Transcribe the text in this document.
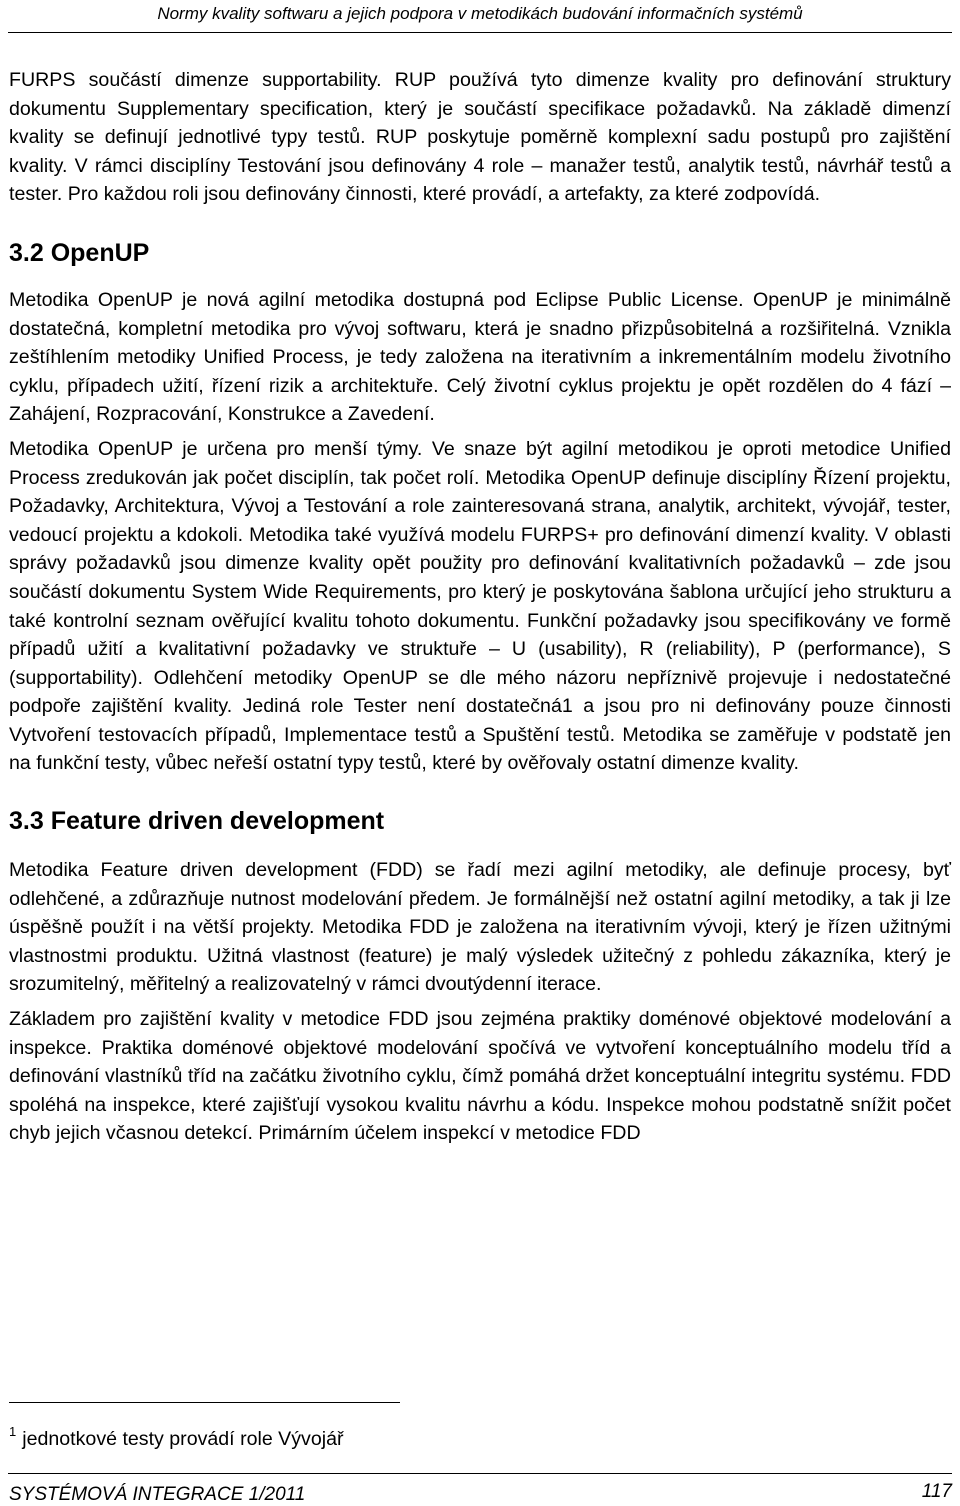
Normy kvality softwaru a jejich podpora v metodikách budování informačních systémů

FURPS součástí dimenze supportability. RUP používá tyto dimenze kvality pro definování struktury dokumentu Supplementary specification, který je součástí specifikace požadavků. Na základě dimenzí kvality se definují jednotlivé typy testů. RUP poskytuje poměrně komplexní sadu postupů pro zajištění kvality. V rámci disciplíny Testování jsou definovány 4 role – manažer testů, analytik testů, návrhář testů a tester. Pro každou roli jsou definovány činnosti, které provádí, a artefakty, za které zodpovídá.

3.2 OpenUP

Metodika OpenUP je nová agilní metodika dostupná pod Eclipse Public License. OpenUP je minimálně dostatečná, kompletní metodika pro vývoj softwaru, která je snadno přizpůsobitelná a rozšiřitelná. Vznikla zeštíhlením metodiky Unified Process, je tedy založena na iterativním a inkrementálním modelu životního cyklu, případech užití, řízení rizik a architektuře. Celý životní cyklus projektu je opět rozdělen do 4 fází – Zahájení, Rozpracování, Konstrukce a Zavedení.

Metodika OpenUP je určena pro menší týmy. Ve snaze být agilní metodikou je oproti metodice Unified Process zredukován jak počet disciplín, tak počet rolí. Metodika OpenUP definuje disciplíny Řízení projektu, Požadavky, Architektura, Vývoj a Testování a role zainteresovaná strana, analytik, architekt, vývojář, tester, vedoucí projektu a kdokoli. Metodika také využívá modelu FURPS+ pro definování dimenzí kvality. V oblasti správy požadavků jsou dimenze kvality opět použity pro definování kvalitativních požadavků – zde jsou součástí dokumentu System Wide Requirements, pro který je poskytována šablona určující jeho strukturu a také kontrolní seznam ověřující kvalitu tohoto dokumentu. Funkční požadavky jsou specifikovány ve formě případů užití a kvalitativní požadavky ve struktuře – U (usability), R (reliability), P (performance), S (supportability). Odlehčení metodiky OpenUP se dle mého názoru nepříznivě projevuje i nedostatečné podpoře zajištění kvality. Jediná role Tester není dostatečná1 a jsou pro ni definovány pouze činnosti Vytvoření testovacích případů, Implementace testů a Spuštění testů. Metodika se zaměřuje v podstatě jen na funkční testy, vůbec neřeší ostatní typy testů, které by ověřovaly ostatní dimenze kvality.

3.3 Feature driven development

Metodika Feature driven development (FDD) se řadí mezi agilní metodiky, ale definuje procesy, byť odlehčené, a zdůrazňuje nutnost modelování předem. Je formálnější než ostatní agilní metodiky, a tak ji lze úspěšně použít i na větší projekty. Metodika FDD je založena na iterativním vývoji, který je řízen užitnými vlastnostmi produktu. Užitná vlastnost (feature) je malý výsledek užitečný z pohledu zákazníka, který je srozumitelný, měřitelný a realizovatelný v rámci dvoutýdenní iterace.

Základem pro zajištění kvality v metodice FDD jsou zejména praktiky doménové objektové modelování a inspekce. Praktika doménové objektové modelování spočívá ve vytvoření konceptuálního modelu tříd a definování vlastníků tříd na začátku životního cyklu, čímž pomáhá držet konceptuální integritu systému. FDD spoléhá na inspekce, které zajišťují vysokou kvalitu návrhu a kódu. Inspekce mohou podstatně snížit počet chyb jejich včasnou detekcí. Primárním účelem inspekcí v metodice FDD

$^1$ jednotkové testy provádí role Vývojář
SYSTÉMOVÁ INTEGRACE 1/2011	117
